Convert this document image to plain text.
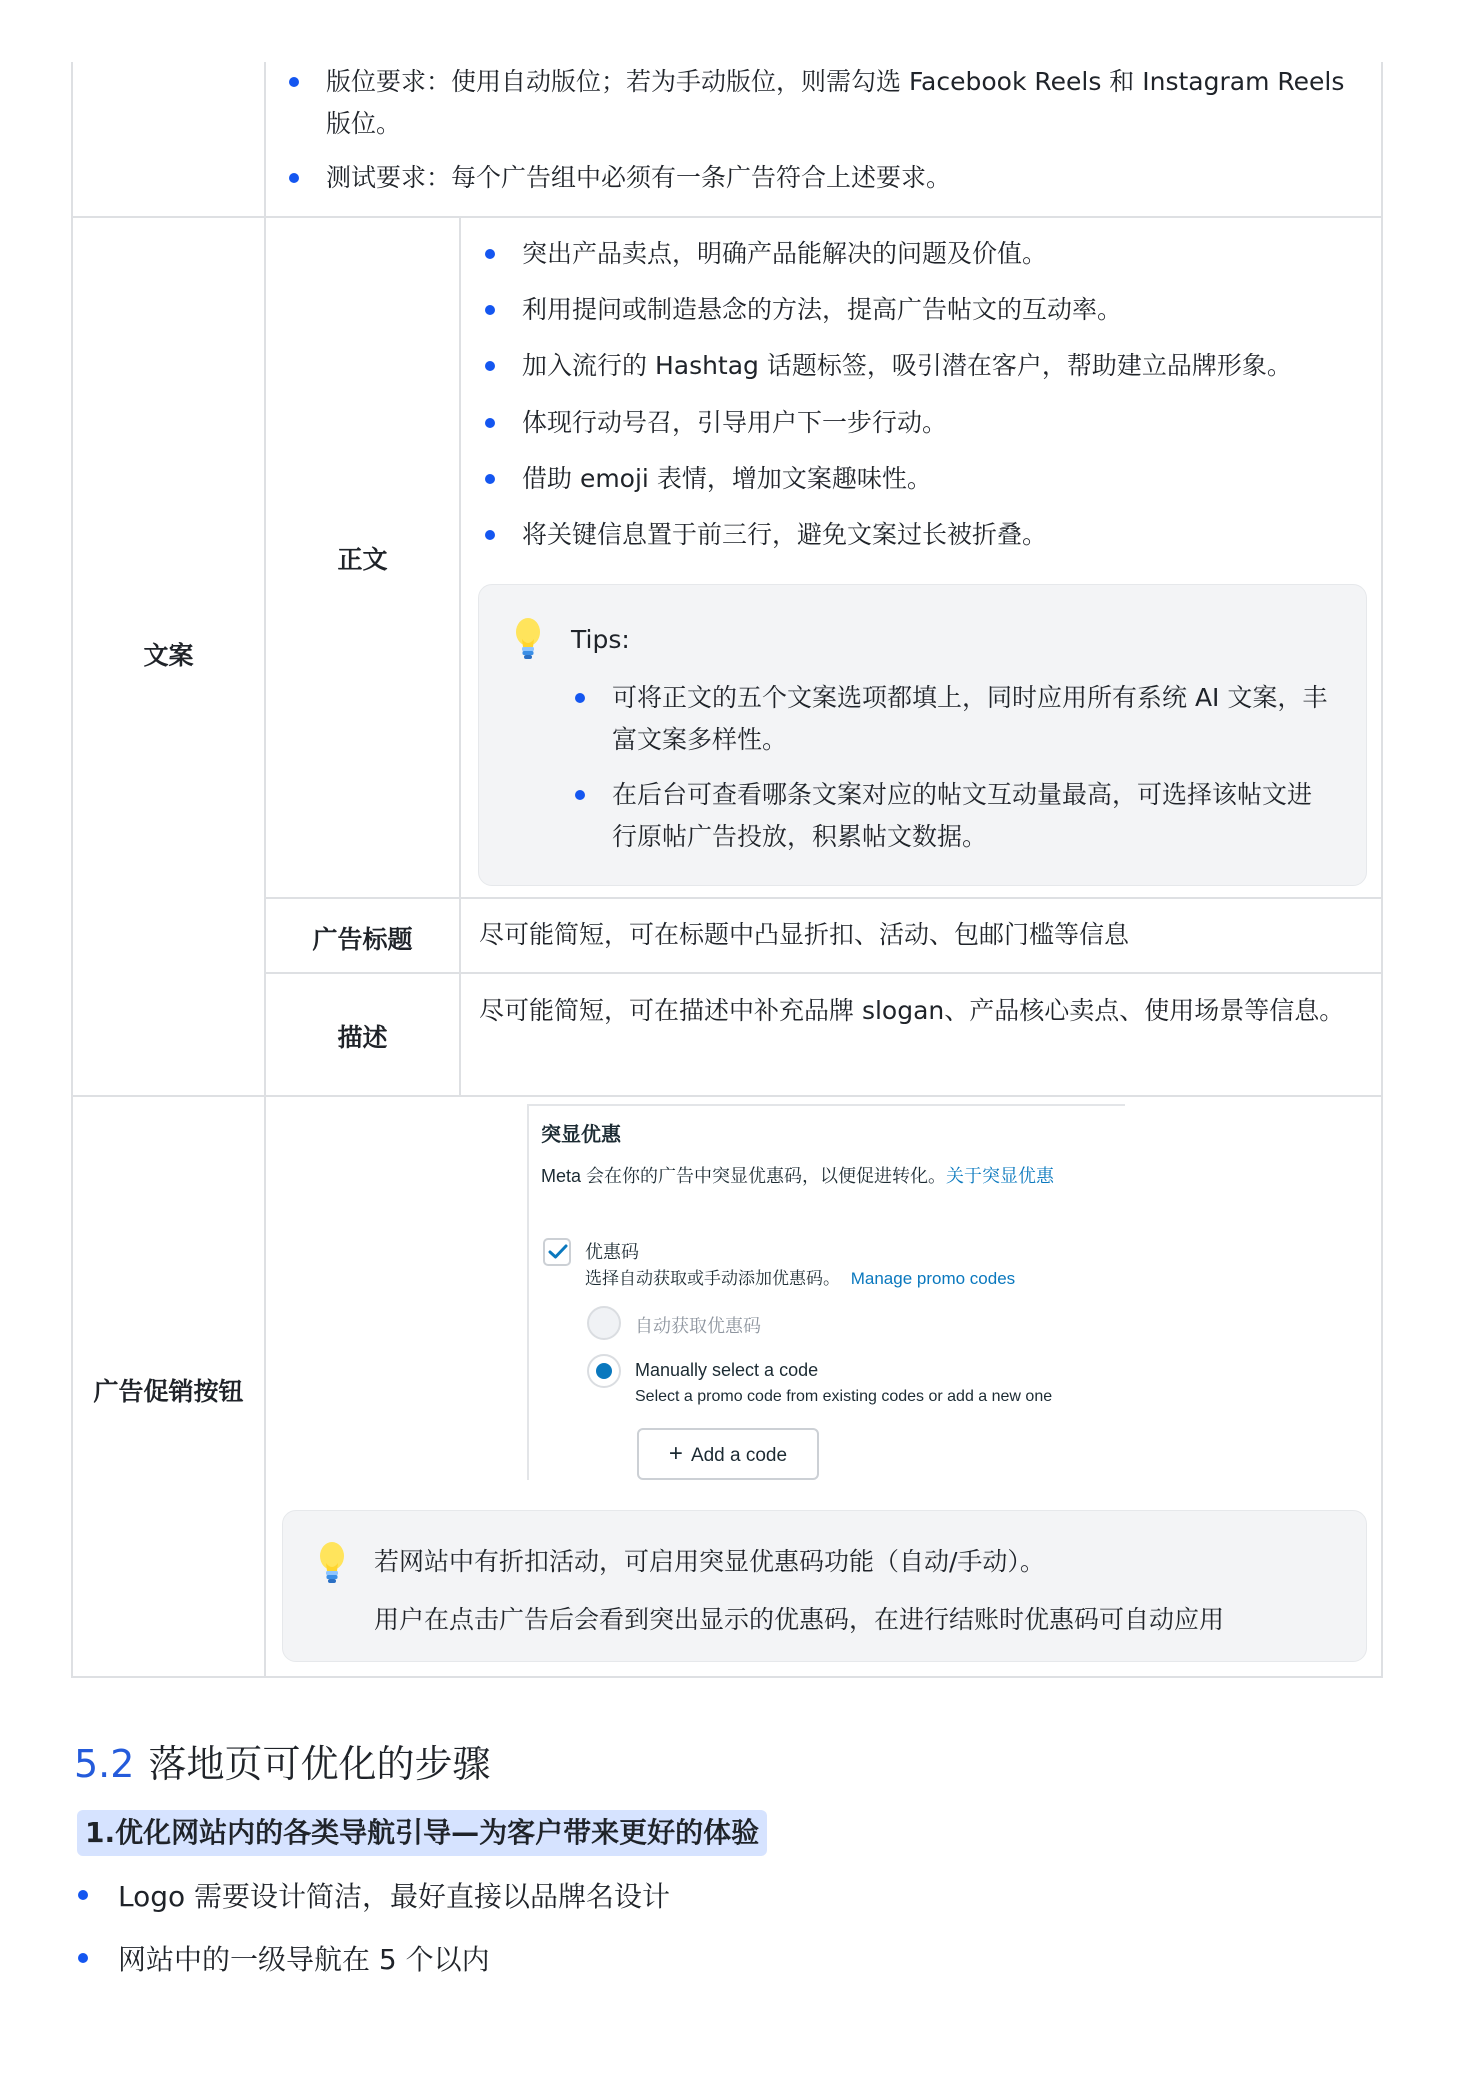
版位要求：使用自动版位；若为手动版位，则需勾选 Facebook Reels 和 Instagram Reels 版位。
测试要求：每个广告组中必须有一条广告符合上述要求。
文案
正文
突出产品卖点，明确产品能解决的问题及价值。
利用提问或制造悬念的方法，提高广告帖文的互动率。
加入流行的 Hashtag 话题标签，吸引潜在客户，帮助建立品牌形象。
体现行动号召，引导用户下一步行动。
借助 emoji 表情，增加文案趣味性。
将关键信息置于前三行，避免文案过长被折叠。
Tips:
可将正文的五个文案选项都填上，同时应用所有系统 AI 文案，丰富文案多样性。
在后台可查看哪条文案对应的帖文互动量最高，可选择该帖文进行原帖广告投放，积累帖文数据。
广告标题	尽可能简短，可在标题中凸显折扣、活动、包邮门槛等信息
描述
尽可能简短，可在描述中补充品牌 slogan、产品核心卖点、使用场景等信息。
广告促销按钮
突显优惠
Meta 会在你的广告中突显优惠码，以便促进转化。关于突显优惠
优惠码
选择自动获取或手动添加优惠码。 Manage promo codes
自动获取优惠码
Manually select a code
Select a promo code from existing codes or add a new one
+ Add a code
若网站中有折扣活动，可启用突显优惠码功能（自动/手动）。
用户在点击广告后会看到突出显示的优惠码，在进行结账时优惠码可自动应用
5.2 落地页可优化的步骤
1.优化网站内的各类导航引导—为客户带来更好的体验
Logo 需要设计简洁，最好直接以品牌名设计
网站中的一级导航在 5 个以内
